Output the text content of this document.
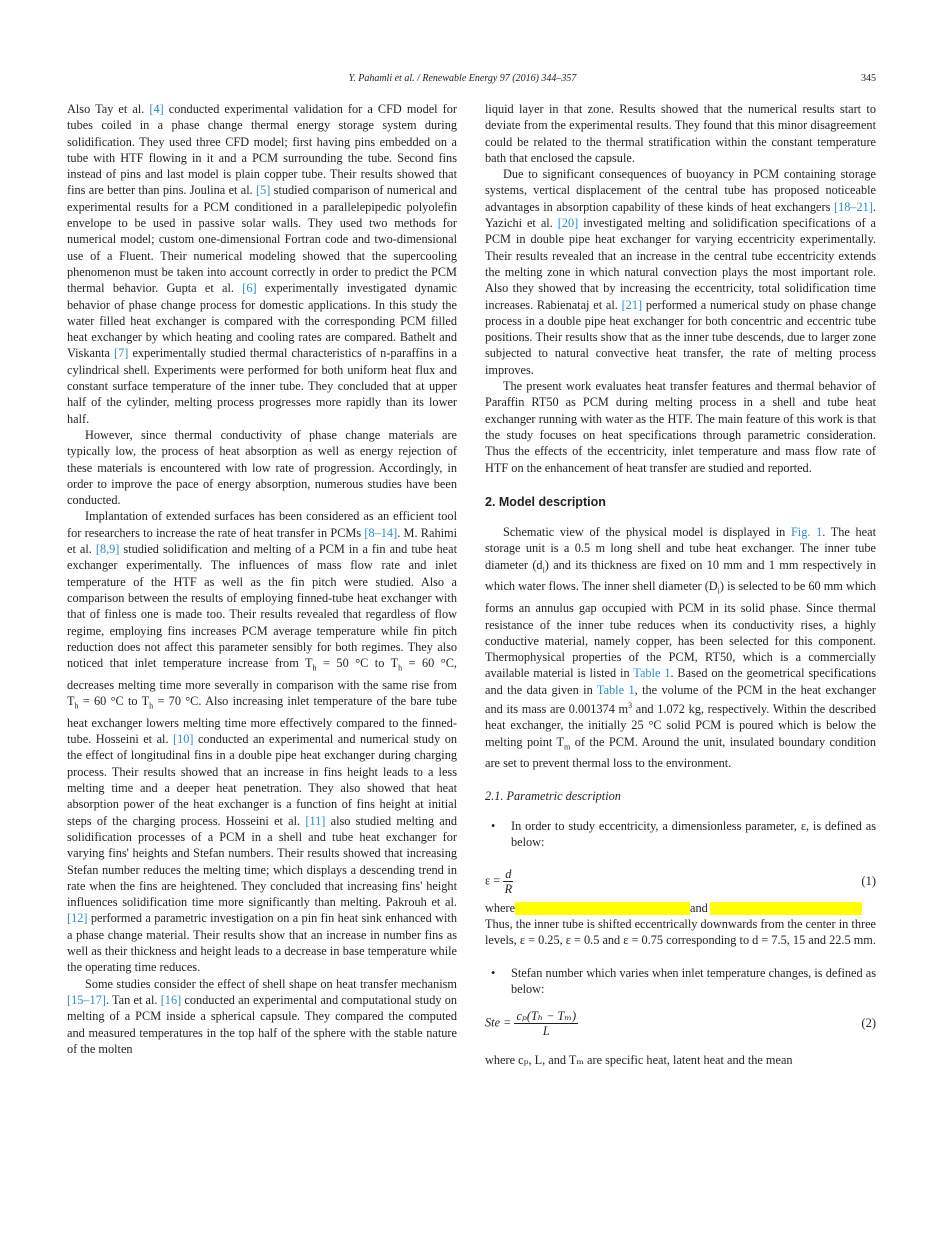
Y. Pahamli et al. / Renewable Energy 97 (2016) 344–357	345

Also Tay et al. [4] conducted experimental validation for a CFD model for tubes coiled in a phase change thermal energy storage system during solidification. They used three CFD model; first having pins embedded on a tube with HTF flowing in it and a PCM surrounding the tube. Second fins instead of pins and last model is plain copper tube. Their results showed that fins are better than pins. Joulina et al. [5] studied comparison of numerical and experimental results for a PCM conditioned in a parallelepipedic polyolefin envelope to be used in passive solar walls. They used two methods for numerical model; custom one-dimensional Fortran code and two-dimensional use of a Fluent. Their numerical modeling showed that the supercooling phenomenon must be taken into account correctly in order to predict the PCM thermal behavior. Gupta et al. [6] experimentally investigated dynamic behavior of phase change process for domestic applications. In this study the water filled heat exchanger is compared with the corresponding PCM filled heat exchanger by which heating and cooling rates are compared. Bathelt and Viskanta [7] experimentally studied thermal characteristics of n-paraffins in a cylindrical shell. Experiments were performed for both uniform heat flux and constant surface temperature of the inner tube. They concluded that at upper half of the cylinder, melting process progresses more rapidly than its lower half.

However, since thermal conductivity of phase change materials are typically low, the process of heat absorption as well as energy rejection of these materials is encountered with low rate of progression. Accordingly, in order to improve the pace of energy absorption, numerous studies have been conducted.

Implantation of extended surfaces has been considered as an efficient tool for researchers to increase the rate of heat transfer in PCMs [8–14]. M. Rahimi et al. [8,9] studied solidification and melting of a PCM in a fin and tube heat exchanger experimentally. The influences of mass flow rate and inlet temperature of the HTF as well as the fin pitch were studied. Also a comparison between the results of employing finned-tube heat exchanger with that of finless one is made too. Their results revealed that regardless of flow regime, employing fins increases PCM average temperature while fin pitch reduction does not affect this parameter sensibly for both regimes. They also noticed that inlet temperature increase from $T_h = 50$ °C to $T_h = 60$ °C, decreases melting time more severally in comparison with the same rise from $T_h = 60$ °C to $T_h = 70$ °C. Also increasing inlet temperature of the bare tube heat exchanger lowers melting time more effectively compared to the finned-tube. Hosseini et al. [10] conducted an experimental and numerical study on the effect of longitudinal fins in a double pipe heat exchanger during charging process. Their results showed that an increase in fins height leads to a less melting time and a deeper heat penetration. They also showed that heat absorption power of the heat exchanger is a function of fins height at initial steps of the charging process. Hosseini et al. [11] also studied melting and solidification processes of a PCM in a shell and tube heat exchanger for varying fins' heights and Stefan numbers. Their results showed that increasing Stefan number reduces the melting time; which displays a descending trend in rate when the fins are heightened. They concluded that increasing fins' height influences solidification time more significantly than melting. Pakrouh et al. [12] performed a parametric investigation on a pin fin heat sink enhanced with a phase change material. Their results show that an increase in number fins as well as their thickness and height leads to a decrease in base temperature while the operating time reduces.

Some studies consider the effect of shell shape on heat transfer mechanism [15–17]. Tan et al. [16] conducted an experimental and computational study on melting of a PCM inside a spherical capsule. They compared the computed and measured temperatures in the top half of the sphere with the stable nature of the molten

liquid layer in that zone. Results showed that the numerical results start to deviate from the experimental results. They found that this minor disagreement could be related to the thermal stratification within the constant temperature bath that enclosed the capsule.

Due to significant consequences of buoyancy in PCM containing storage systems, vertical displacement of the central tube has proposed noticeable advantages in absorption capability of these kinds of heat exchangers [18–21]. Yazichi et al. [20] investigated melting and solidification specifications of a PCM in double pipe heat exchanger for varying eccentricity experimentally. Their results revealed that an increase in the central tube eccentricity extends the melting zone in which natural convection plays the most important role. Also they showed that by increasing the eccentricity, total solidification time increases. Rabienataj et al. [21] performed a numerical study on phase change process in a double pipe heat exchanger for both concentric and eccentric tube positions. Their results show that as the inner tube descends, due to larger zone subjected to natural convective heat transfer, the rate of melting process improves.

The present work evaluates heat transfer features and thermal behavior of Paraffin RT50 as PCM during melting process in a shell and tube heat exchanger running with water as the HTF. The main feature of this work is that the study focuses on heat specifications through parametric consideration. Thus the effects of the eccentricity, inlet temperature and mass flow rate of HTF on the enhancement of heat transfer are studied and reported.

2. Model description

Schematic view of the physical model is displayed in Fig. 1. The heat storage unit is a 0.5 m long shell and tube heat exchanger. The inner tube diameter $(d_i)$ and its thickness are fixed on 10 mm and 1 mm respectively in which water flows. The inner shell diameter $(D_i)$ is selected to be 60 mm which forms an annulus gap occupied with PCM in its solid phase. Since thermal resistance of the inner tube reduces when its conductivity rises, a highly conductive material, namely copper, has been selected for this component. Thermophysical properties of the PCM, RT50, which is a commercially available material is listed in Table 1. Based on the geometrical specifications and the data given in Table 1, the volume of the PCM in the heat exchanger and its mass are 0.001374 $m^3$ and 1.072 kg, respectively. Within the described heat exchanger, the initially 25 °C solid PCM is poured which is below the melting point $T_m$ of the PCM. Around the unit, insulated boundary condition are set to prevent thermal loss to the environment.

2.1. Parametric description
•	In order to study eccentricity, a dimensionless parameter, ε, is defined as below:
$\varepsilon = \frac{d}{R}$	(1)

where	and

Thus, the inner tube is shifted eccentrically downwards from the center in three levels, ε = 0.25, ε = 0.5 and ε = 0.75 corresponding to d = 7.5, 15 and 22.5 mm.

•	Stefan number which varies when inlet temperature changes, is defined as below:
Ste = $\frac{\text{cₚ(Tₕ − Tₘ)}}{L}$	(2)

where cₚ, L, and Tₘ are specific heat, latent heat and the mean
